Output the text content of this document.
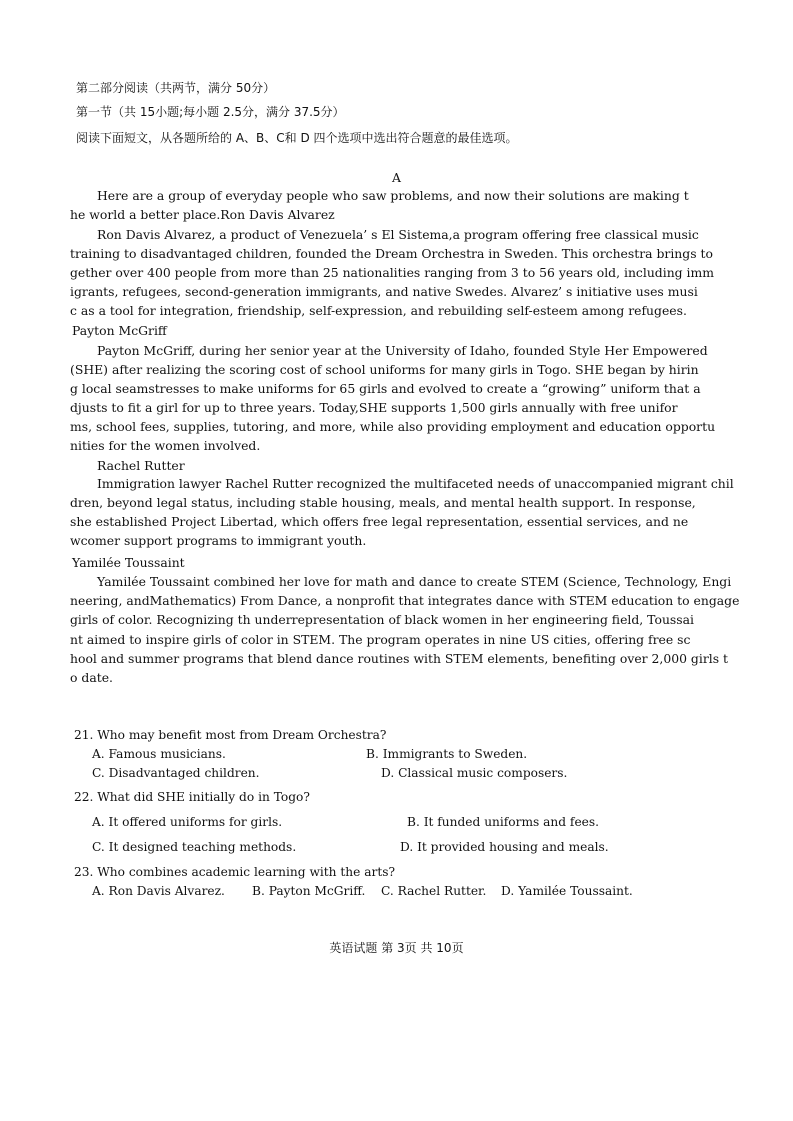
第二部分阅读（共两节，满分 50分）
第一节（共 15小题;每小题 2.5分，满分 37.5分）
阅读下面短文，从各题所给的 A、B、C和 D 四个选项中选出符合题意的最佳选项。
A
Here are a group of everyday people who saw problems, and now their solutions are making t
he world a better place.Ron Davis Alvarez
Ron Davis Alvarez, a product of Venezuela’ s El Sistema,a program offering free classical music
training to disadvantaged children, founded the Dream Orchestra in Sweden. This orchestra brings to
gether over 400 people from more than 25 nationalities ranging from 3 to 56 years old, including imm
igrants, refugees, second-generation immigrants, and native Swedes. Alvarez’ s initiative uses musi
c as a tool for integration, friendship, self-expression, and rebuilding self-esteem among refugees.
Payton McGriff
Payton McGriff, during her senior year at the University of Idaho, founded Style Her Empowered
(SHE) after realizing the scoring cost of school uniforms for many girls in Togo. SHE began by hirin
g local seamstresses to make uniforms for 65 girls and evolved to create a “growing” uniform that a
djusts to fit a girl for up to three years. Today,SHE supports 1,500 girls annually with free unifor
ms, school fees, supplies, tutoring, and more, while also providing employment and education opportu
nities for the women involved.
Rachel Rutter
Immigration lawyer Rachel Rutter recognized the multifaceted needs of unaccompanied migrant chil
dren, beyond legal status, including stable housing, meals, and mental health support. In response,
she established Project Libertad, which offers free legal representation, essential services, and ne
wcomer support programs to immigrant youth.
Yamilée Toussaint
Yamilée Toussaint combined her love for math and dance to create STEM (Science, Technology, Engi
neering, andMathematics) From Dance, a nonprofit that integrates dance with STEM education to engage
girls of color. Recognizing th underrepresentation of black women in her engineering field, Toussai
nt aimed to inspire girls of color in STEM. The program operates in nine US cities, offering free sc
hool and summer programs that blend dance routines with STEM elements, benefiting over 2,000 girls t
o date.
21. Who may benefit most from Dream Orchestra?
A. Famous musicians.	B. Immigrants to Sweden.
C. Disadvantaged children.	D. Classical music composers.
22. What did SHE initially do in Togo?
A. It offered uniforms for girls.	B. It funded uniforms and fees.
C. It designed teaching methods.	D. It provided housing and meals.
23. Who combines academic learning with the arts?
A. Ron Davis Alvarez. B. Payton McGriff. C. Rachel Rutter. D. Yamilée Toussaint.
英语试题 第 3页 共 10页
